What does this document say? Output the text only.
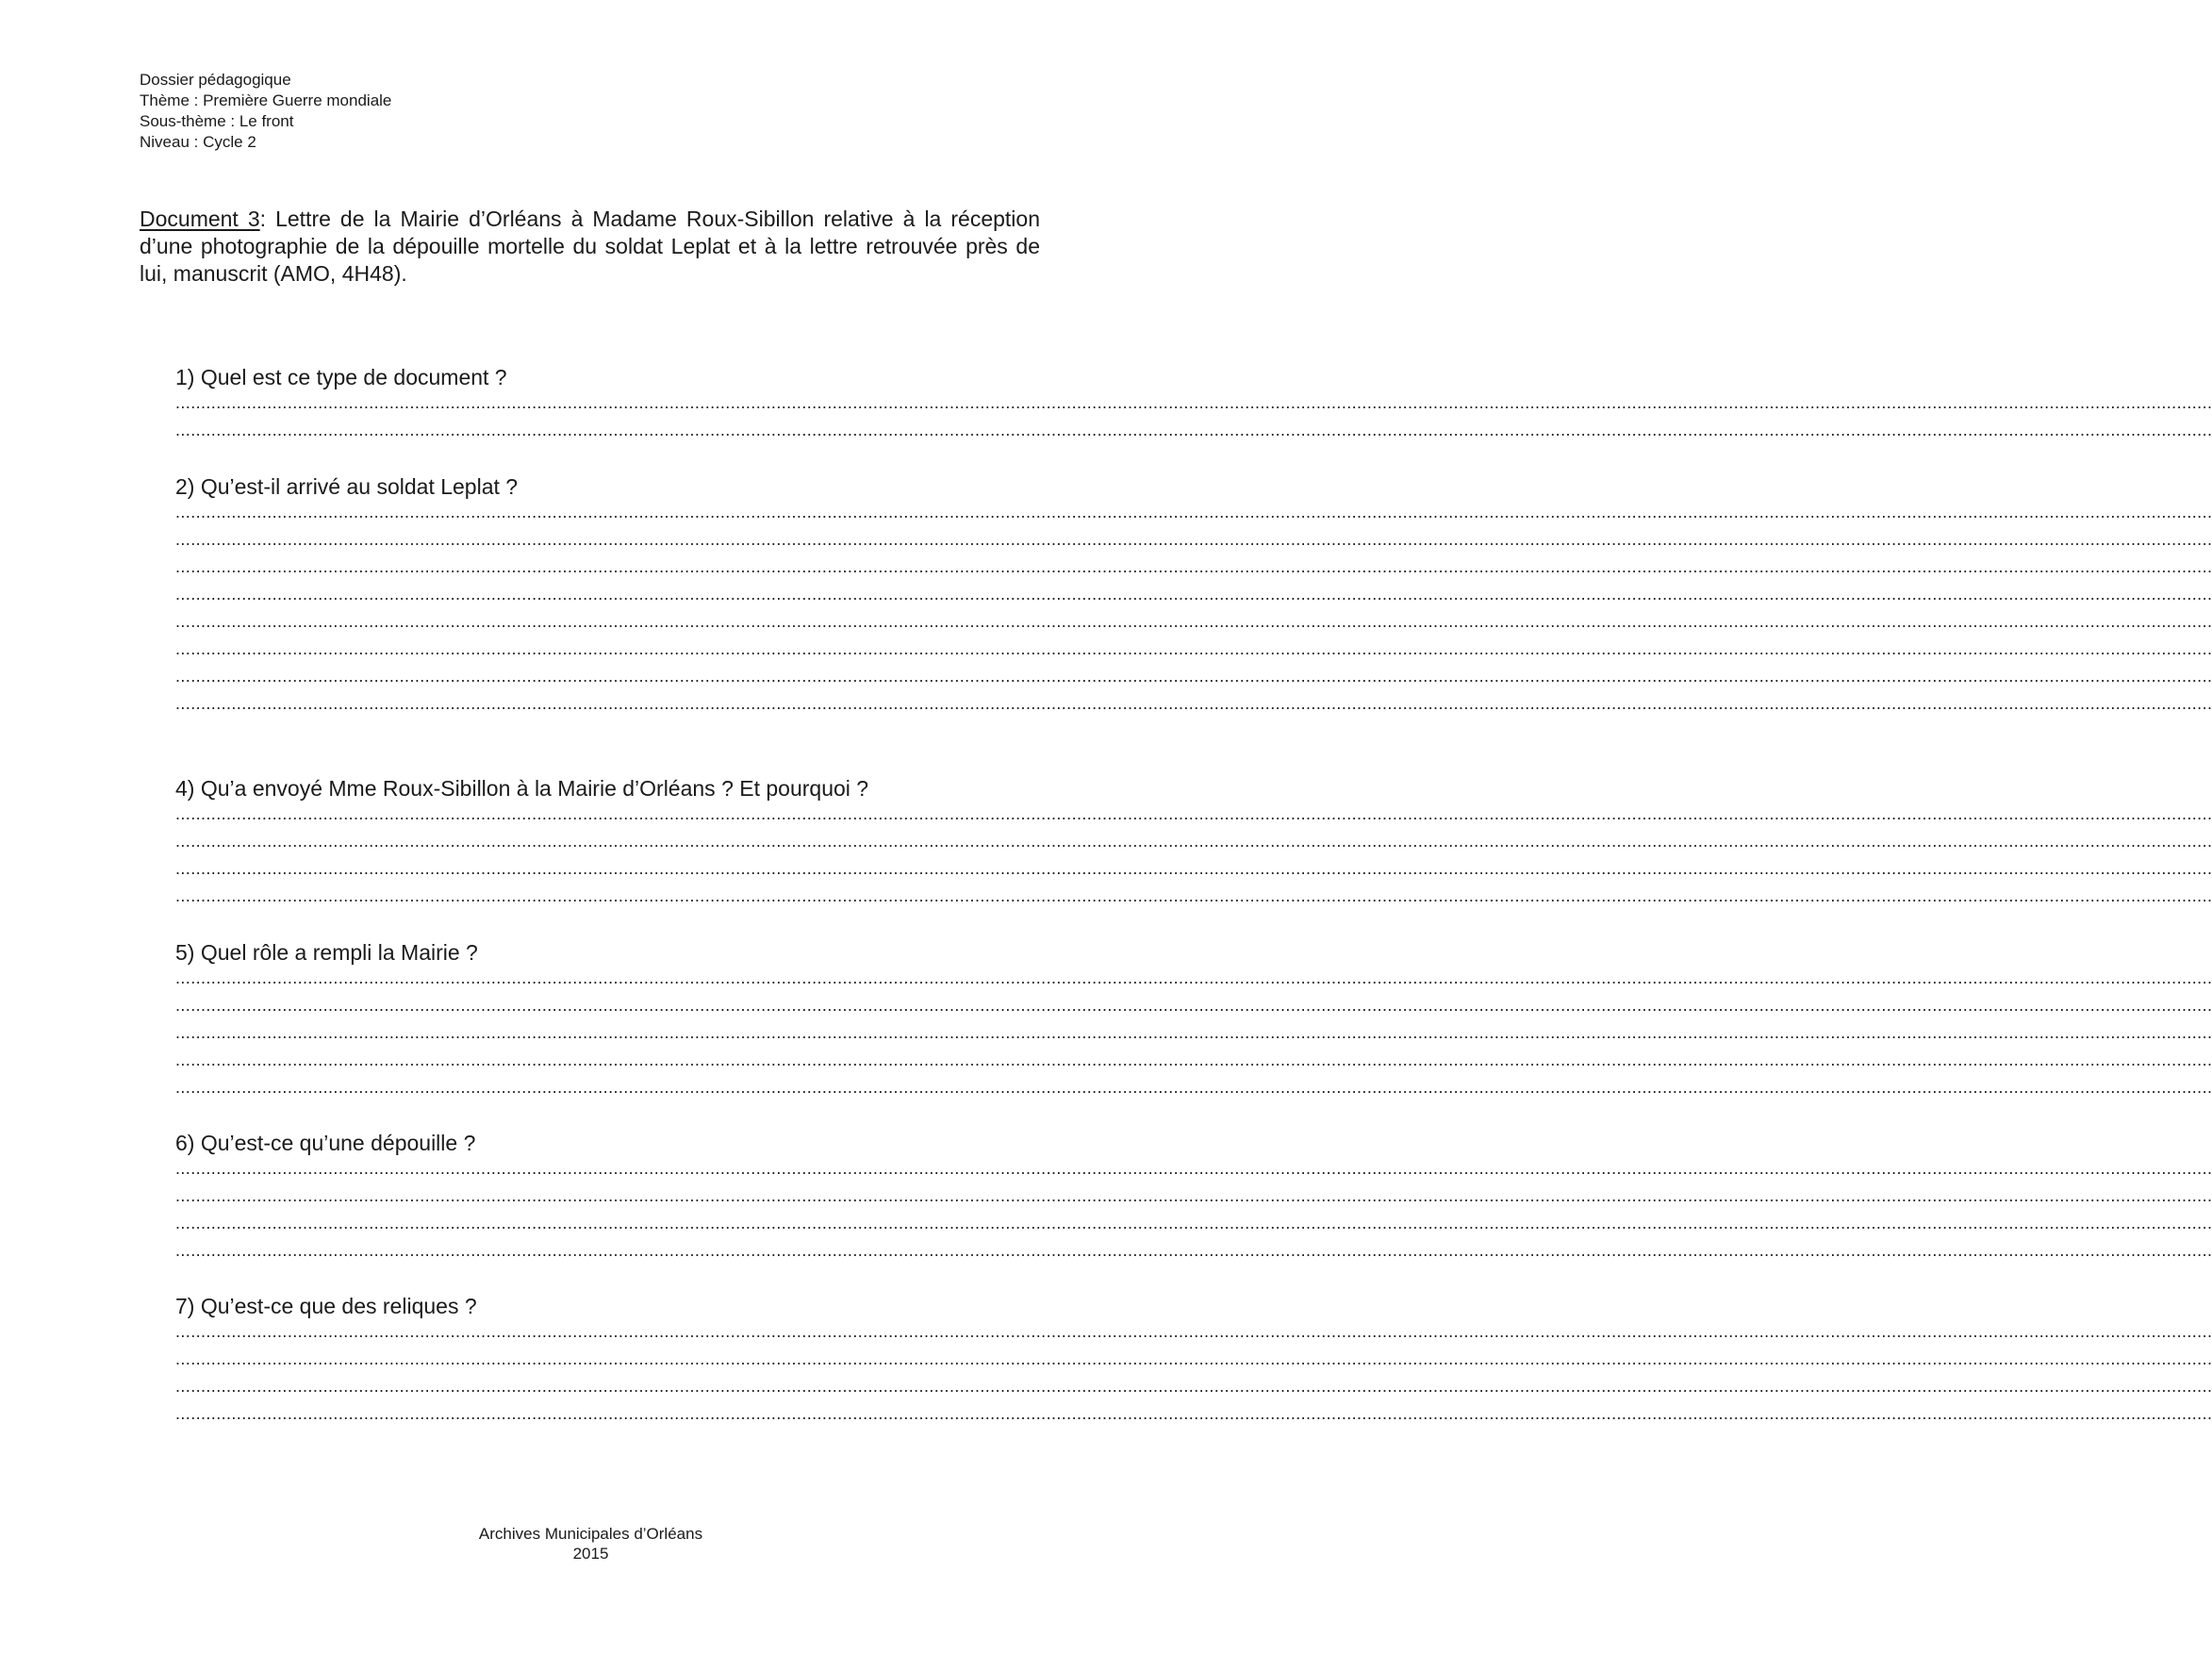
Dossier pédagogique
Thème : Première Guerre mondiale
Sous-thème : Le front
Niveau : Cycle 2
Document 3: Lettre de la Mairie d’Orléans à Madame Roux-Sibillon relative à la réception d’une photographie de la dépouille mortelle du soldat Leplat et à la lettre retrouvée près de lui, manuscrit (AMO, 4H48).
1) Quel est ce type de document ?
................................................................................................................................................................................................................................................................................................................................................................................................................
................................................................................................................................................................................................................................................................................................................................................................................................................
2) Qu’est-il arrivé au soldat Leplat ?
................................................................................................................................................................................................................................................................................................................................................................................................................
................................................................................................................................................................................................................................................................................................................................................................................................................
................................................................................................................................................................................................................................................................................................................................................................................................................
................................................................................................................................................................................................................................................................................................................................................................................................................
................................................................................................................................................................................................................................................................................................................................................................................................................
................................................................................................................................................................................................................................................................................................................................................................................................................
................................................................................................................................................................................................................................................................................................................................................................................................................
................................................................................................................................................................................................................................................................................................................................................................................................................
4) Qu’a envoyé Mme Roux-Sibillon à la Mairie d’Orléans ? Et pourquoi ?
................................................................................................................................................................................................................................................................................................................................................................................................................
................................................................................................................................................................................................................................................................................................................................................................................................................
................................................................................................................................................................................................................................................................................................................................................................................................................
................................................................................................................................................................................................................................................................................................................................................................................................................
5) Quel rôle a rempli la Mairie ?
................................................................................................................................................................................................................................................................................................................................................................................................................
................................................................................................................................................................................................................................................................................................................................................................................................................
................................................................................................................................................................................................................................................................................................................................................................................................................
................................................................................................................................................................................................................................................................................................................................................................................................................
................................................................................................................................................................................................................................................................................................................................................................................................................
6) Qu’est-ce qu’une dépouille ?
................................................................................................................................................................................................................................................................................................................................................................................................................
................................................................................................................................................................................................................................................................................................................................................................................................................
................................................................................................................................................................................................................................................................................................................................................................................................................
................................................................................................................................................................................................................................................................................................................................................................................................................
7) Qu’est-ce que des reliques ?
................................................................................................................................................................................................................................................................................................................................................................................................................
................................................................................................................................................................................................................................................................................................................................................................................................................
................................................................................................................................................................................................................................................................................................................................................................................................................
................................................................................................................................................................................................................................................................................................................................................................................................................
Archives Municipales d’Orléans
2015
